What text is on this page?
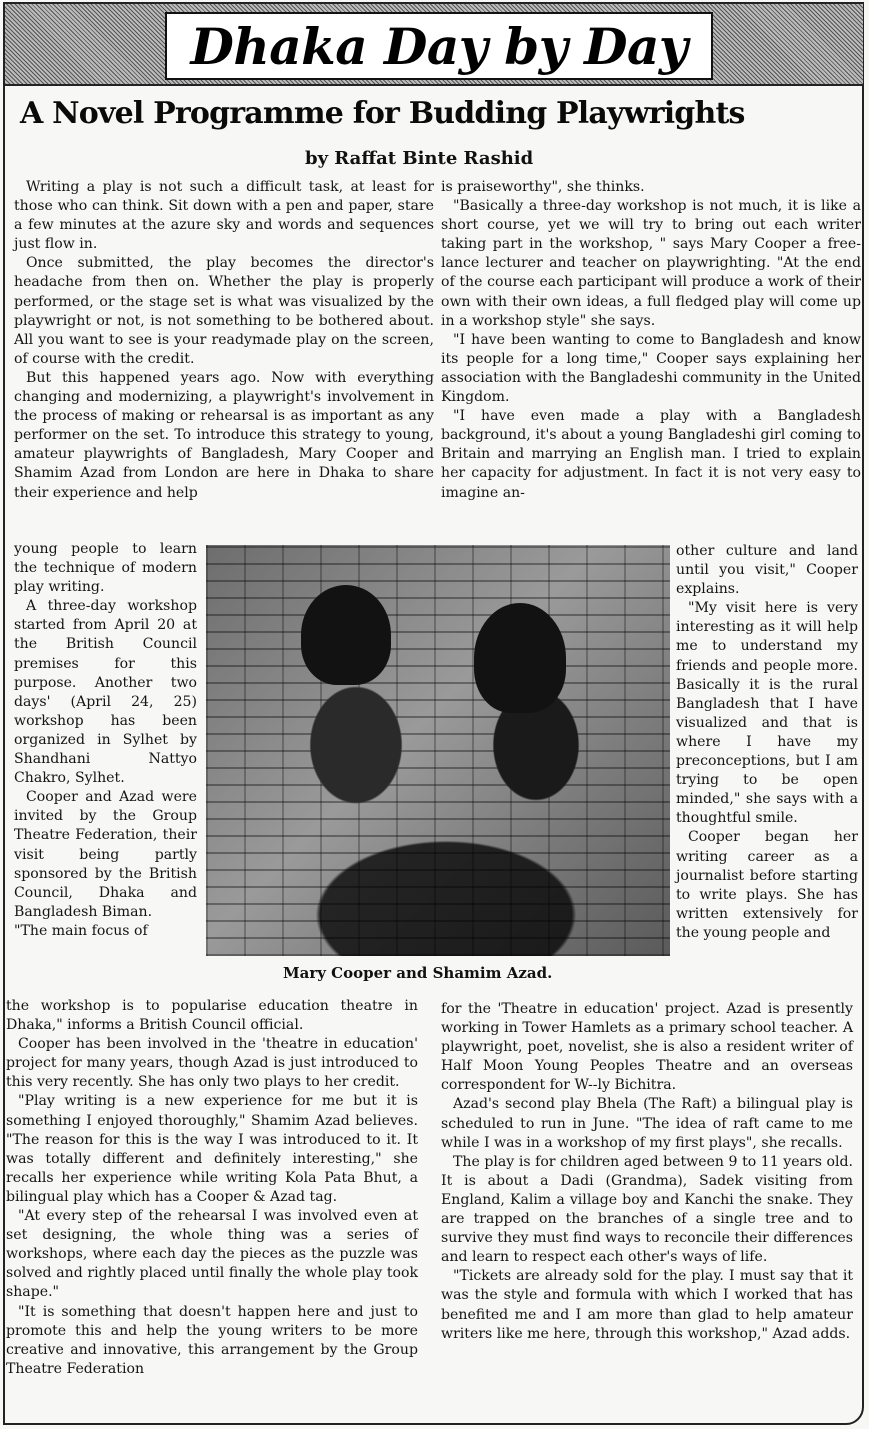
Dhaka Day by Day
A Novel Programme for Budding Playwrights
by Raffat Binte Rashid

Writing a play is not such a difficult task, at least for those who can think. Sit down with a pen and paper, stare a few minutes at the azure sky and words and sequences just flow in.

Once submitted, the play becomes the director's headache from then on. Whether the play is properly performed, or the stage set is what was visualized by the playwright or not, is not something to be bothered about. All you want to see is your readymade play on the screen, of course with the credit.

But this happened years ago. Now with everything changing and modernizing, a playwright's involvement in the process of making or rehearsal is as important as any performer on the set. To introduce this strategy to young, amateur playwrights of Bangladesh, Mary Cooper and Shamim Azad from London are here in Dhaka to share their experience and help

young people to learn the technique of modern play writing.

A three-day workshop started from April 20 at the British Council premises for this purpose. Another two days' (April 24, 25) workshop has been organized in Sylhet by Shandhani Nattyo Chakro, Sylhet.

Cooper and Azad were invited by the Group Theatre Federation, their visit being partly sponsored by the British Council, Dhaka and Bangladesh Biman.

"The main focus of

the workshop is to popularise education theatre in Dhaka," informs a British Council official.

Cooper has been involved in the 'theatre in education' project for many years, though Azad is just introduced to this very recently. She has only two plays to her credit.

"Play writing is a new experience for me but it is something I enjoyed thoroughly," Shamim Azad believes. "The reason for this is the way I was introduced to it. It was totally different and definitely interesting," she recalls her experience while writing Kola Pata Bhut, a bilingual play which has a Cooper & Azad tag.

"At every step of the rehearsal I was involved even at set designing, the whole thing was a series of workshops, where each day the pieces as the puzzle was solved and rightly placed until finally the whole play took shape."

"It is something that doesn't happen here and just to promote this and help the young writers to be more creative and innovative, this arrangement by the Group Theatre Federation

Mary Cooper and Shamim Azad.

is praiseworthy", she thinks.

"Basically a three-day workshop is not much, it is like a short course, yet we will try to bring out each writer taking part in the workshop, " says Mary Cooper a free-lance lecturer and teacher on playwrighting. "At the end of the course each participant will produce a work of their own with their own ideas, a full fledged play will come up in a workshop style" she says.

"I have been wanting to come to Bangladesh and know its people for a long time," Cooper says explaining her association with the Bangladeshi community in the United Kingdom.

"I have even made a play with a Bangladesh background, it's about a young Bangladeshi girl coming to Britain and marrying an English man. I tried to explain her capacity for adjustment. In fact it is not very easy to imagine an-

other culture and land until you visit," Cooper explains.

"My visit here is very interesting as it will help me to understand my friends and people more. Basically it is the rural Bangladesh that I have visualized and that is where I have my preconceptions, but I am trying to be open minded," she says with a thoughtful smile.

Cooper began her writing career as a journalist before starting to write plays. She has written extensively for the young people and

for the 'Theatre in education' project. Azad is presently working in Tower Hamlets as a primary school teacher. A playwright, poet, novelist, she is also a resident writer of Half Moon Young Peoples Theatre and an overseas correspondent for W--ly Bichitra.

Azad's second play Bhela (The Raft) a bilingual play is scheduled to run in June. "The idea of raft came to me while I was in a workshop of my first plays", she recalls.

The play is for children aged between 9 to 11 years old. It is about a Dadi (Grandma), Sadek visiting from England, Kalim a village boy and Kanchi the snake. They are trapped on the branches of a single tree and to survive they must find ways to reconcile their differences and learn to respect each other's ways of life.

"Tickets are already sold for the play. I must say that it was the style and formula with which I worked that has benefited me and I am more than glad to help amateur writers like me here, through this workshop," Azad adds.
